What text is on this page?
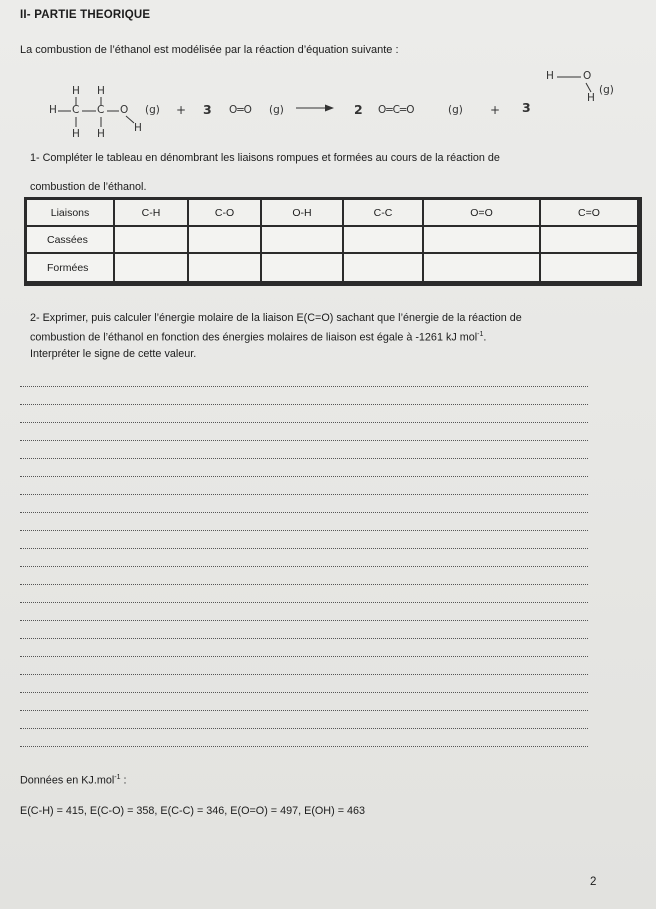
II- PARTIE THEORIQUE
La combustion de l’éthanol est modélisée par la réaction d’équation suivante :
H H
H C C O
H H	H
(g) + 3 O═O (g) → 2 O═C═O	(g) + 3
H	O
H
(g)
1- Compléter le tableau en dénombrant les liaisons rompues et formées au cours de la réaction de
combustion de l’éthanol.
Liaisons	C-H	C-O	O-H	C-C	O=O	C=O
Cassées
Formées
2- Exprimer, puis calculer l’énergie molaire de la liaison E(C=O) sachant que l’énergie de la réaction de
combustion de l’éthanol en fonction des énergies molaires de liaison est égale à -1261 kJ mol$^{-1}$.
Interpréter le signe de cette valeur.
Données en KJ.mol$^{-1}$ :
E(C-H) = 415, E(C-O) = 358, E(C-C) = 346, E(O=O) = 497, E(OH) = 463
2
